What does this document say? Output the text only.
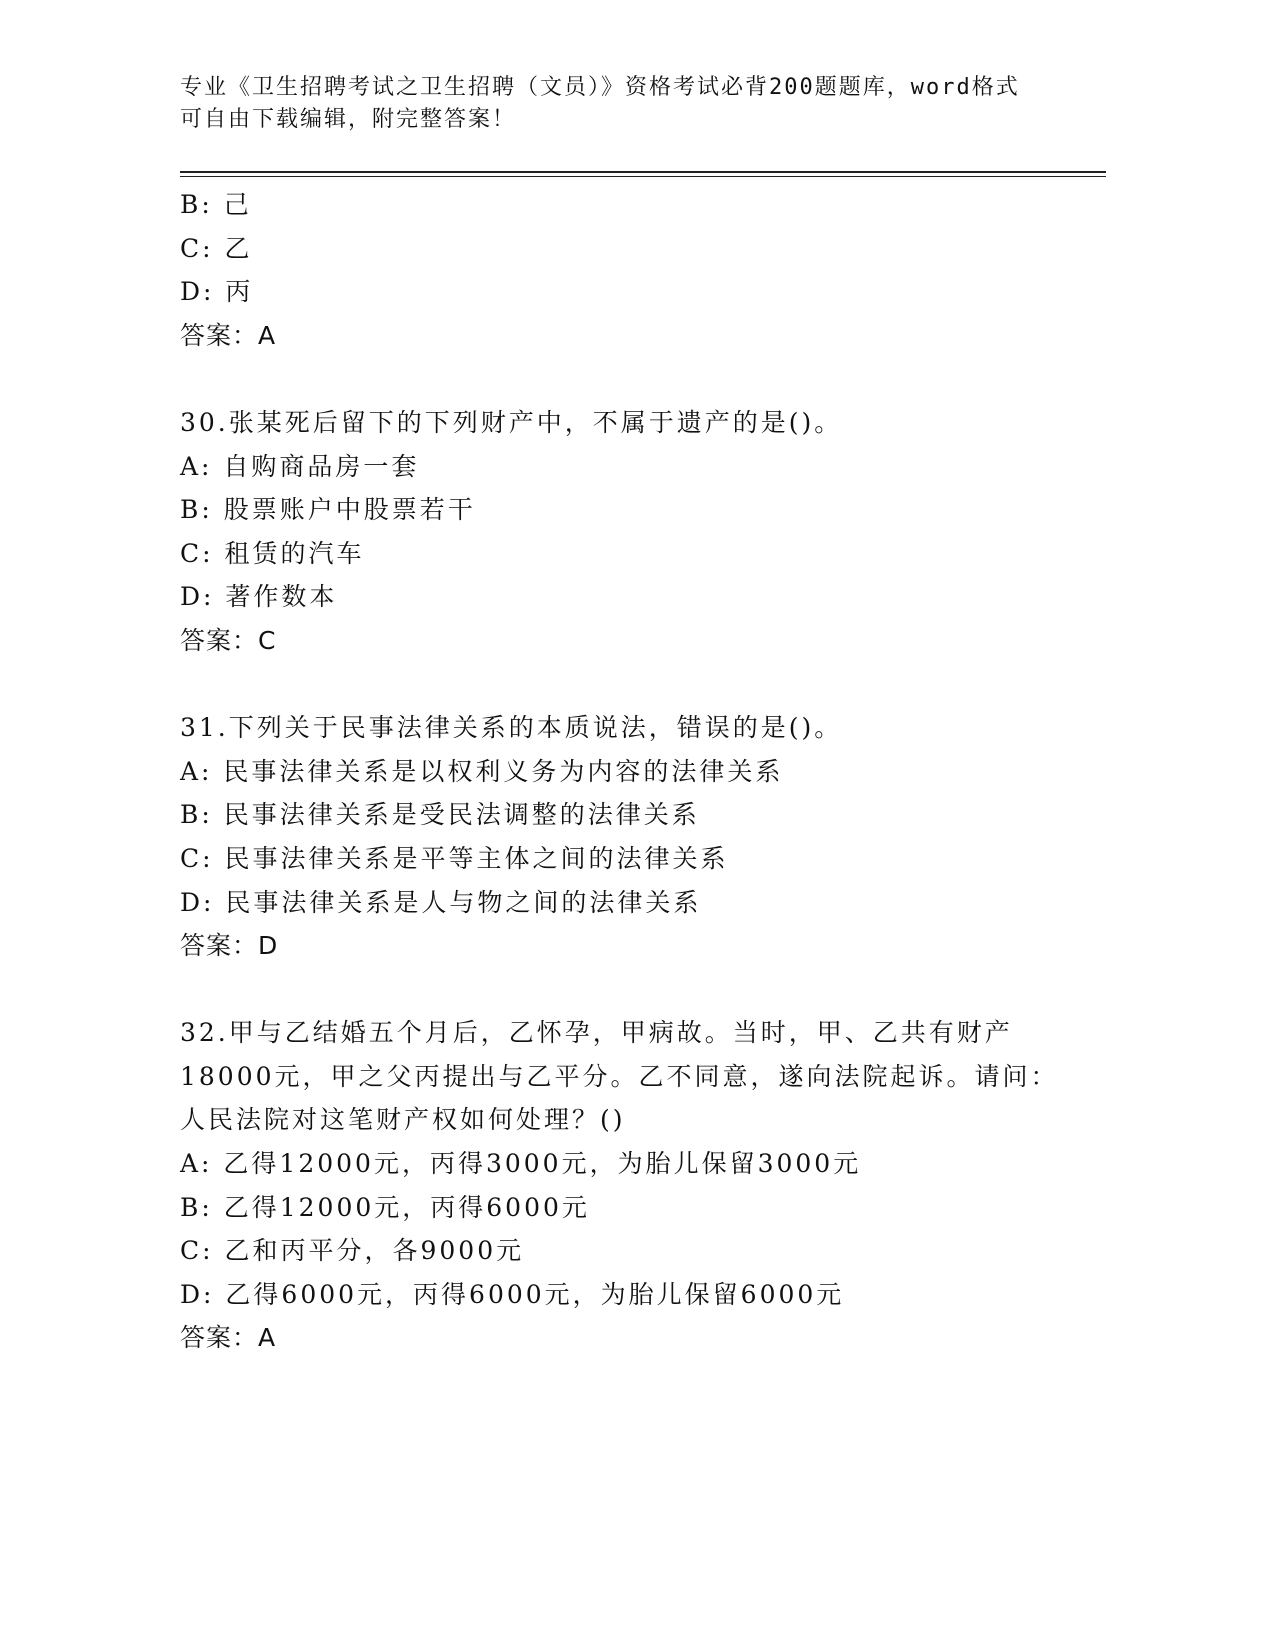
专业《卫生招聘考试之卫生招聘（文员）》资格考试必背200题题库，word格式
可自由下载编辑，附完整答案！
B: 己
C: 乙
D: 丙
答案：A
30.张某死后留下的下列财产中，不属于遗产的是()。
A: 自购商品房一套
B: 股票账户中股票若干
C: 租赁的汽车
D: 著作数本
答案：C
31.下列关于民事法律关系的本质说法，错误的是()。
A: 民事法律关系是以权利义务为内容的法律关系
B: 民事法律关系是受民法调整的法律关系
C: 民事法律关系是平等主体之间的法律关系
D: 民事法律关系是人与物之间的法律关系
答案：D
32.甲与乙结婚五个月后，乙怀孕，甲病故。当时，甲、乙共有财产
18000元，甲之父丙提出与乙平分。乙不同意，遂向法院起诉。请问：
人民法院对这笔财产权如何处理？()
A: 乙得12000元，丙得3000元，为胎儿保留3000元
B: 乙得12000元，丙得6000元
C: 乙和丙平分，各9000元
D: 乙得6000元，丙得6000元，为胎儿保留6000元
答案：A
